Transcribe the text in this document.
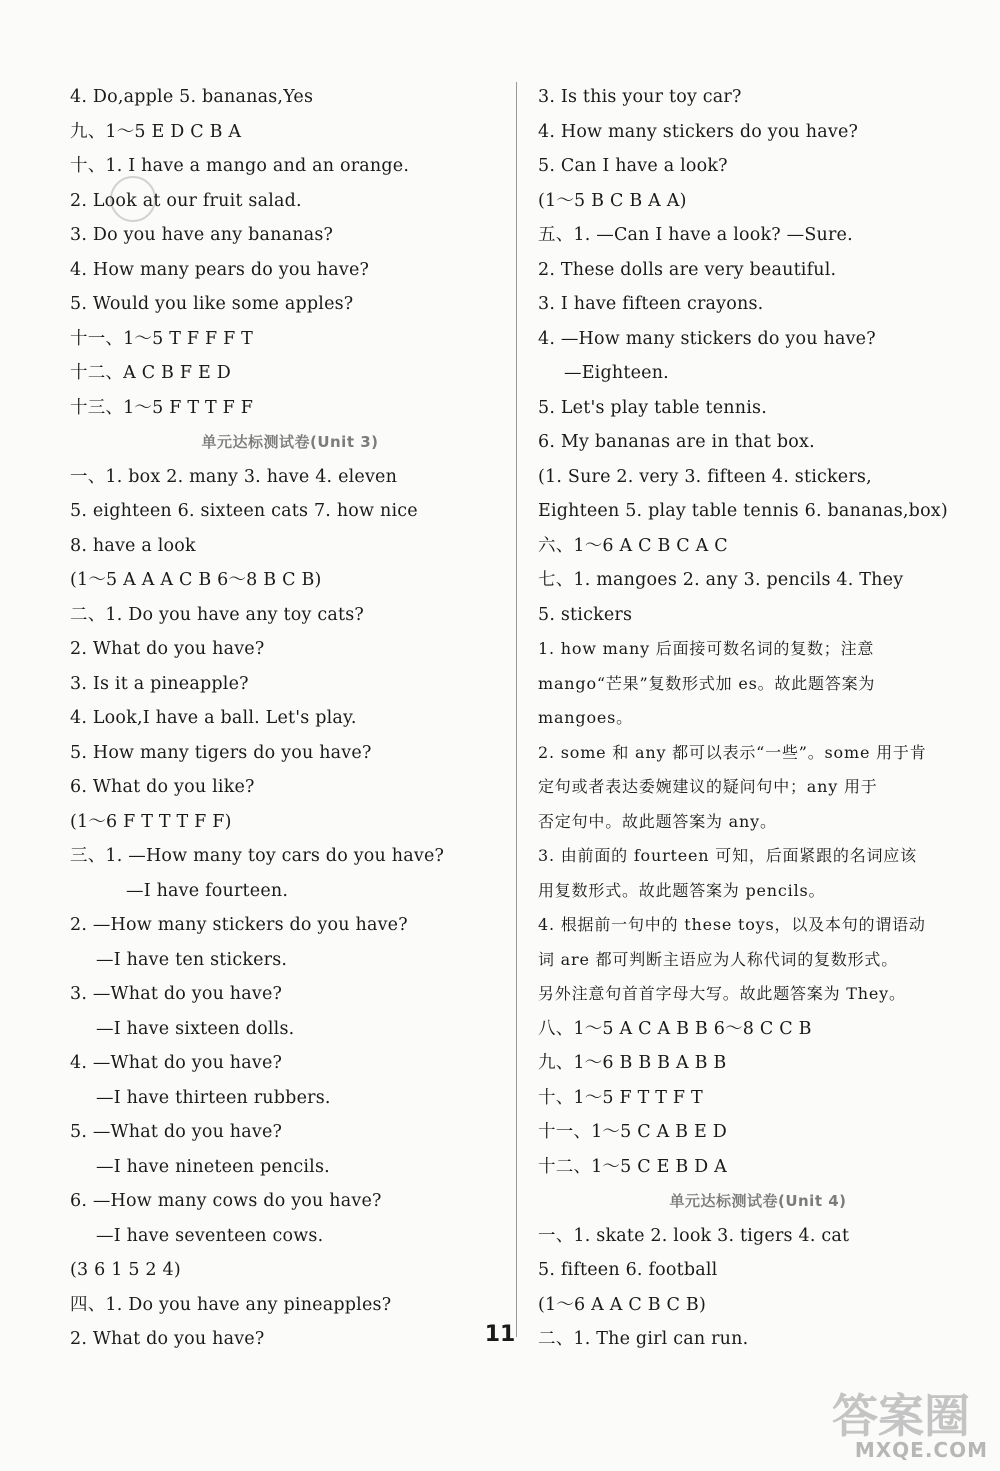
4. Do,apple 5. bananas,Yes
九、1～5 E D C B A
十、1. I have a mango and an orange.
2. Look at our fruit salad.
3. Do you have any bananas?
4. How many pears do you have?
5. Would you like some apples?
十一、1～5 T F F F T
十二、A C B F E D
十三、1～5 F T T F F
单元达标测试卷(Unit 3)
一、1. box 2. many 3. have 4. eleven
5. eighteen 6. sixteen cats 7. how nice
8. have a look
(1～5 A A A C B 6～8 B C B)
二、1. Do you have any toy cats?
2. What do you have?
3. Is it a pineapple?
4. Look,I have a ball. Let's play.
5. How many tigers do you have?
6. What do you like?
(1～6 F T T T F F)
三、1. —How many toy cars do you have?
—I have fourteen.
2. —How many stickers do you have?
—I have ten stickers.
3. —What do you have?
—I have sixteen dolls.
4. —What do you have?
—I have thirteen rubbers.
5. —What do you have?
—I have nineteen pencils.
6. —How many cows do you have?
—I have seventeen cows.
(3 6 1 5 2 4)
四、1. Do you have any pineapples?
2. What do you have?
3. Is this your toy car?
4. How many stickers do you have?
5. Can I have a look?
(1～5 B C B A A)
五、1. —Can I have a look? —Sure.
2. These dolls are very beautiful.
3. I have fifteen crayons.
4. —How many stickers do you have?
—Eighteen.
5. Let's play table tennis.
6. My bananas are in that box.
(1. Sure 2. very 3. fifteen 4. stickers,
Eighteen 5. play table tennis 6. bananas,box)
六、1～6 A C B C A C
七、1. mangoes 2. any 3. pencils 4. They
5. stickers
1. how many 后面接可数名词的复数；注意
mango“芒果”复数形式加 es。故此题答案为
mangoes。
2. some 和 any 都可以表示“一些”。some 用于肯
定句或者表达委婉建议的疑问句中；any 用于
否定句中。故此题答案为 any。
3. 由前面的 fourteen 可知，后面紧跟的名词应该
用复数形式。故此题答案为 pencils。
4. 根据前一句中的 these toys，以及本句的谓语动
词 are 都可判断主语应为人称代词的复数形式。
另外注意句首首字母大写。故此题答案为 They。
八、1～5 A C A B B 6～8 C C B
九、1～6 B B B A B B
十、1～5 F T T F T
十一、1～5 C A B E D
十二、1～5 C E B D A
单元达标测试卷(Unit 4)
一、1. skate 2. look 3. tigers 4. cat
5. fifteen 6. football
(1～6 A A C B C B)
二、1. The girl can run.
11
答案圈
MXQE.COM
